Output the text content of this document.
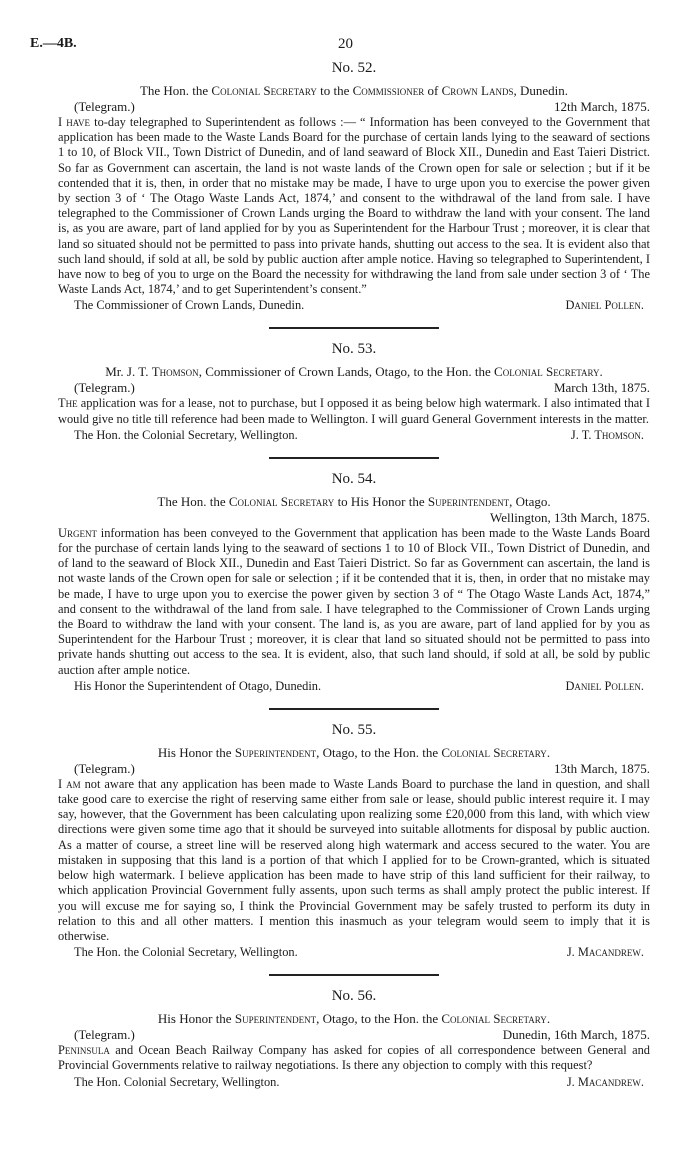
E.—4B.	20
No. 52.
The Hon. the Colonial Secretary to the Commissioner of Crown Lands, Dunedin.
(Telegram.)	12th March, 1875.
I have to-day telegraphed to Superintendent as follows :— “ Information has been conveyed to the Government that application has been made to the Waste Lands Board for the purchase of certain lands lying to the seaward of sections 1 to 10, of Block VII., Town District of Dunedin, and of land seaward of Block XII., Dunedin and East Taieri District. So far as Government can ascertain, the land is not waste lands of the Crown open for sale or selection ; but if it be contended that it is, then, in order that no mistake may be made, I have to urge upon you to exercise the power given by section 3 of ‘ The Otago Waste Lands Act, 1874,’ and consent to the withdrawal of the land from sale. I have telegraphed to the Commissioner of Crown Lands urging the Board to withdraw the land with your consent. The land is, as you are aware, part of land applied for by you as Superintendent for the Harbour Trust ; moreover, it is clear that land so situated should not be permitted to pass into private hands, shutting out access to the sea. It is evident also that such land should, if sold at all, be sold by public auction after ample notice. Having so telegraphed to Superintendent, I have now to beg of you to urge on the Board the necessity for withdrawing the land from sale under section 3 of ‘ The Waste Lands Act, 1874,’ and to get Superintendent’s consent.”
The Commissioner of Crown Lands, Dunedin.	Daniel Pollen.
No. 53.
Mr. J. T. Thomson, Commissioner of Crown Lands, Otago, to the Hon. the Colonial Secretary.
(Telegram.)	March 13th, 1875.
The application was for a lease, not to purchase, but I opposed it as being below high watermark. I also intimated that I would give no title till reference had been made to Wellington. I will guard General Government interests in the matter.
The Hon. the Colonial Secretary, Wellington.	J. T. Thomson.
No. 54.
The Hon. the Colonial Secretary to His Honor the Superintendent, Otago.
Wellington, 13th March, 1875.
Urgent information has been conveyed to the Government that application has been made to the Waste Lands Board for the purchase of certain lands lying to the seaward of sections 1 to 10 of Block VII., Town District of Dunedin, and of land to the seaward of Block XII., Dunedin and East Taieri District. So far as Government can ascertain, the land is not waste lands of the Crown open for sale or selection ; if it be contended that it is, then, in order that no mistake may be made, I have to urge upon you to exercise the power given by section 3 of “ The Otago Waste Lands Act, 1874,” and consent to the withdrawal of the land from sale. I have telegraphed to the Commissioner of Crown Lands urging the Board to withdraw the land with your consent. The land is, as you are aware, part of land applied for by you as Superintendent for the Harbour Trust ; moreover, it is clear that land so situated should not be permitted to pass into private hands shutting out access to the sea. It is evident, also, that such land should, if sold at all, be sold by public auction after ample notice.
His Honor the Superintendent of Otago, Dunedin.	Daniel Pollen.
No. 55.
His Honor the Superintendent, Otago, to the Hon. the Colonial Secretary.
(Telegram.)	13th March, 1875.
I am not aware that any application has been made to Waste Lands Board to purchase the land in question, and shall take good care to exercise the right of reserving same either from sale or lease, should public interest require it. I may say, however, that the Government has been calculating upon realizing some £20,000 from this land, with which view directions were given some time ago that it should be surveyed into suitable allotments for disposal by public auction. As a matter of course, a street line will be reserved along high watermark and access secured to the water. You are mistaken in supposing that this land is a portion of that which I applied for to be Crown-granted, which is situated below high watermark. I believe application has been made to have strip of this land sufficient for their railway, to which application Provincial Government fully assents, upon such terms as shall amply protect the public interest. If you will excuse me for saying so, I think the Provincial Government may be safely trusted to perform its duty in relation to this and all other matters. I mention this inasmuch as your telegram would seem to imply that it is otherwise.
The Hon. the Colonial Secretary, Wellington.	J. Macandrew.
No. 56.
His Honor the Superintendent, Otago, to the Hon. the Colonial Secretary.
(Telegram.)	Dunedin, 16th March, 1875.
Peninsula and Ocean Beach Railway Company has asked for copies of all correspondence between General and Provincial Governments relative to railway negotiations. Is there any objection to comply with this request?
The Hon. Colonial Secretary, Wellington.	J. Macandrew.
